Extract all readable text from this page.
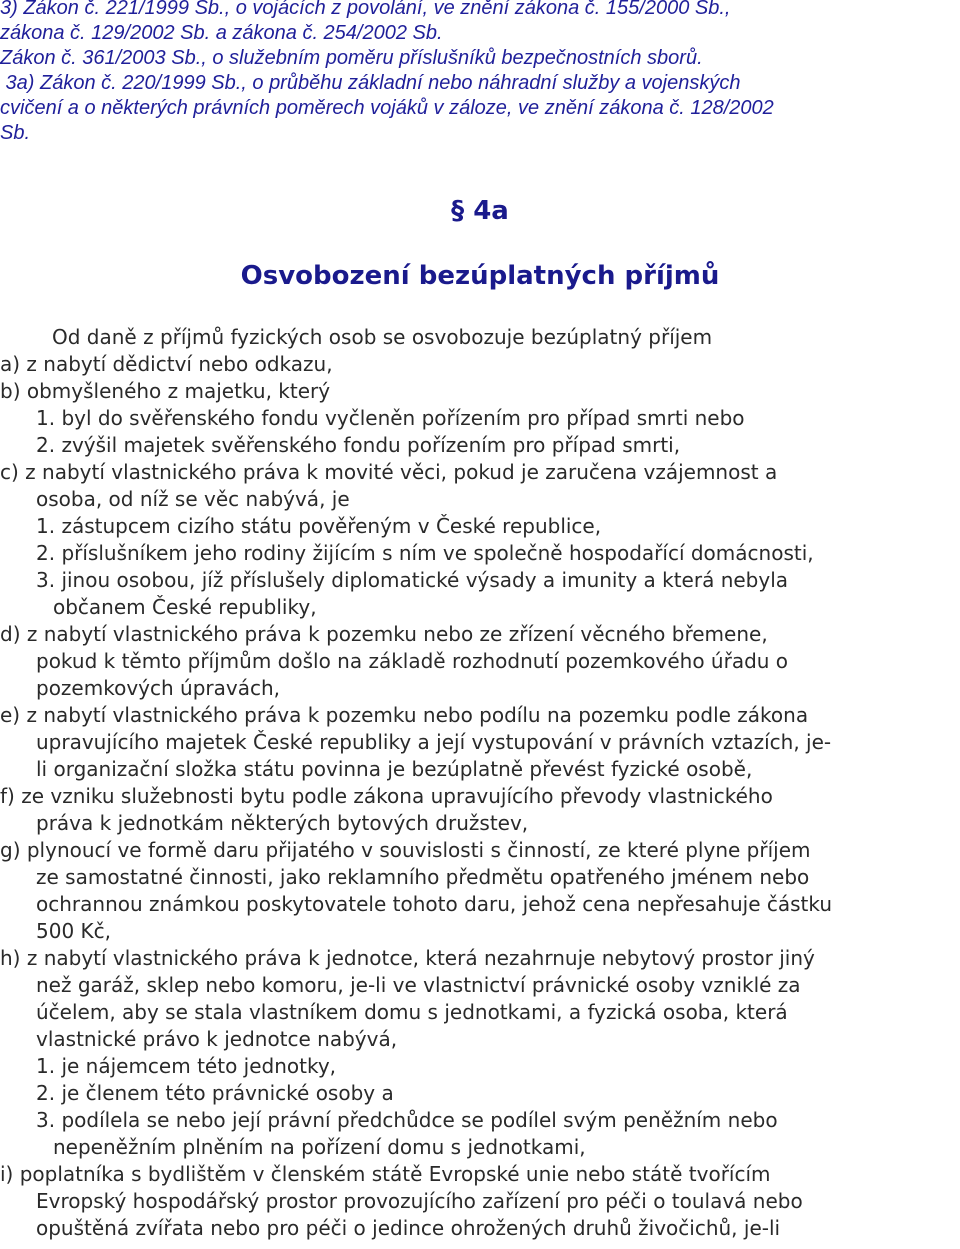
3) Zákon č. 221/1999 Sb., o vojácích z povolání, ve znění zákona č. 155/2000 Sb.,
zákona č. 129/2002 Sb. a zákona č. 254/2002 Sb.
Zákon č. 361/2003 Sb., o služebním poměru příslušníků bezpečnostních sborů.
3a) Zákon č. 220/1999 Sb., o průběhu základní nebo náhradní služby a vojenských
cvičení a o některých právních poměrech vojáků v záloze, ve znění zákona č. 128/2002
Sb.
§ 4a
Osvobození bezúplatných příjmů
Od daně z příjmů fyzických osob se osvobozuje bezúplatný příjem
a) z nabytí dědictví nebo odkazu,
b) obmyšleného z majetku, který
1. byl do svěřenského fondu vyčleněn pořízením pro případ smrti nebo
2. zvýšil majetek svěřenského fondu pořízením pro případ smrti,
c) z nabytí vlastnického práva k movité věci, pokud je zaručena vzájemnost a
osoba, od níž se věc nabývá, je
1. zástupcem cizího státu pověřeným v České republice,
2. příslušníkem jeho rodiny žijícím s ním ve společně hospodařící domácnosti,
3. jinou osobou, jíž příslušely diplomatické výsady a imunity a která nebyla
občanem České republiky,
d) z nabytí vlastnického práva k pozemku nebo ze zřízení věcného břemene,
pokud k těmto příjmům došlo na základě rozhodnutí pozemkového úřadu o
pozemkových úpravách,
e) z nabytí vlastnického práva k pozemku nebo podílu na pozemku podle zákona
upravujícího majetek České republiky a její vystupování v právních vztazích, je-
li organizační složka státu povinna je bezúplatně převést fyzické osobě,
f) ze vzniku služebnosti bytu podle zákona upravujícího převody vlastnického
práva k jednotkám některých bytových družstev,
g) plynoucí ve formě daru přijatého v souvislosti s činností, ze které plyne příjem
ze samostatné činnosti, jako reklamního předmětu opatřeného jménem nebo
ochrannou známkou poskytovatele tohoto daru, jehož cena nepřesahuje částku
500 Kč,
h) z nabytí vlastnického práva k jednotce, která nezahrnuje nebytový prostor jiný
než garáž, sklep nebo komoru, je-li ve vlastnictví právnické osoby vzniklé za
účelem, aby se stala vlastníkem domu s jednotkami, a fyzická osoba, která
vlastnické právo k jednotce nabývá,
1. je nájemcem této jednotky,
2. je členem této právnické osoby a
3. podílela se nebo její právní předchůdce se podílel svým peněžním nebo
nepeněžním plněním na pořízení domu s jednotkami,
i) poplatníka s bydlištěm v členském státě Evropské unie nebo státě tvořícím
Evropský hospodářský prostor provozujícího zařízení pro péči o toulavá nebo
opuštěná zvířata nebo pro péči o jedince ohrožených druhů živočichů, je-li
